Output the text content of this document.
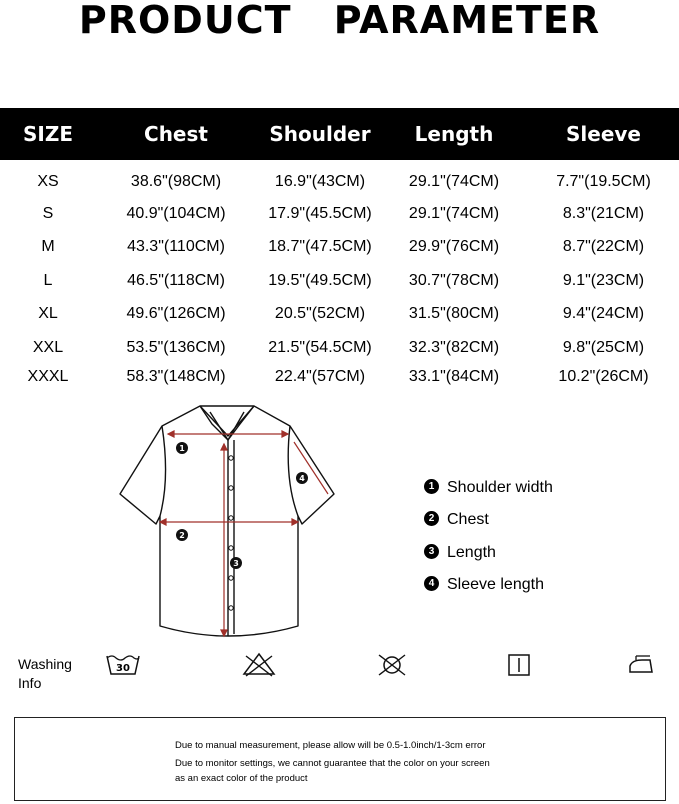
PRODUCT PARAMETER
SIZE	Chest	Shoulder	Length	Sleeve
XS	38.6"(98CM)	16.9"(43CM)	29.1"(74CM)	7.7"(19.5CM)
S	40.9"(104CM)	17.9"(45.5CM)	29.1"(74CM)	8.3"(21CM)
M	43.3"(110CM)	18.7"(47.5CM)	29.9"(76CM)	8.7"(22CM)
L	46.5"(118CM)	19.5"(49.5CM)	30.7"(78CM)	9.1"(23CM)
XL	49.6"(126CM)	20.5"(52CM)	31.5"(80CM)	9.4"(24CM)
XXL	53.5"(136CM)	21.5"(54.5CM)	32.3"(82CM)	9.8"(25CM)
XXXL	58.3"(148CM)	22.4"(57CM)	33.1"(84CM)	10.2"(26CM)
1
2
3
4
1 Shoulder width
2 Chest
3 Length
4 Sleeve length
Washing
Info
30
Due to manual measurement, please allow will be 0.5-1.0inch/1-3cm error
Due to monitor settings, we cannot guarantee that the color on your screen
as an exact color of the product
